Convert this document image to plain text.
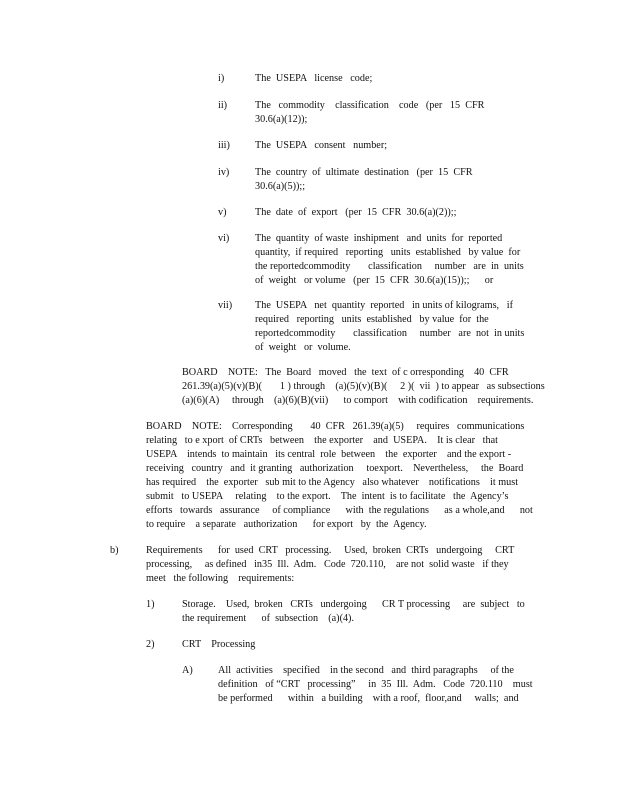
i)	The  USEPA   license   code;
ii)	The   commodity    classification    code   (per   15  CFR
30.6(a)(12));
iii) The  USEPA   consent   number;
iv)	The  country  of  ultimate  destination   (per  15  CFR
30.6(a)(5));;
v)	The  date  of  export   (per  15  CFR  30.6(a)(2));;
vi)	The  quantity  of waste  inshipment   and  units  for  reported
quantity,  if required   reporting   units  established   by value  for
the reportedcommodity       classification     number   are  in  units
of  weight   or volume   (per  15  CFR  30.6(a)(15));;      or
vii) The  USEPA   net  quantity  reported   in units of kilograms,   if
required   reporting   units  established   by value  for  the
reportedcommodity       classification     number   are  not  in units
of  weight   or  volume.
BOARD    NOTE:   The  Board   moved   the  text  of c orresponding    40  CFR
261.39(a)(5)(v)(B)(       1 ) through    (a)(5)(v)(B)(     2 )(  vii  ) to appear   as subsections
(a)(6)(A)     through    (a)(6)(B)(vii)      to comport    with codification    requirements.
BOARD    NOTE:    Corresponding       40  CFR   261.39(a)(5)     requires   communications
relating   to e xport  of CRTs   between    the exporter    and  USEPA.    It is clear   that
USEPA    intends  to maintain   its central  role  between    the  exporter    and the export -
receiving   country   and  it granting   authorization     toexport.    Nevertheless,     the  Board
has required    the  exporter   sub mit to the Agency   also whatever    notifications    it must
submit   to USEPA     relating    to the export.    The  intent  is to facilitate   the  Agency’s
efforts   towards   assurance     of compliance      with  the regulations      as a whole,and      not
to require    a separate   authorization      for export   by  the  Agency.
b)	Requirements      for  used  CRT   processing.     Used,  broken  CRTs   undergoing     CRT
processing,     as defined   in35  Ill.  Adm.   Code  720.110,    are not  solid waste   if they
meet   the following    requirements:
1)	Storage.    Used,  broken   CRTs   undergoing      CR T processing     are  subject   to
the requirement      of  subsection    (a)(4).
2)	CRT    Processing
A) All  activities    specified    in the second   and  third paragraphs     of the
definition   of “CRT   processing”     in  35  Ill.  Adm.   Code  720.110    must
be performed      within   a building    with a roof,  floor,and     walls;  and
